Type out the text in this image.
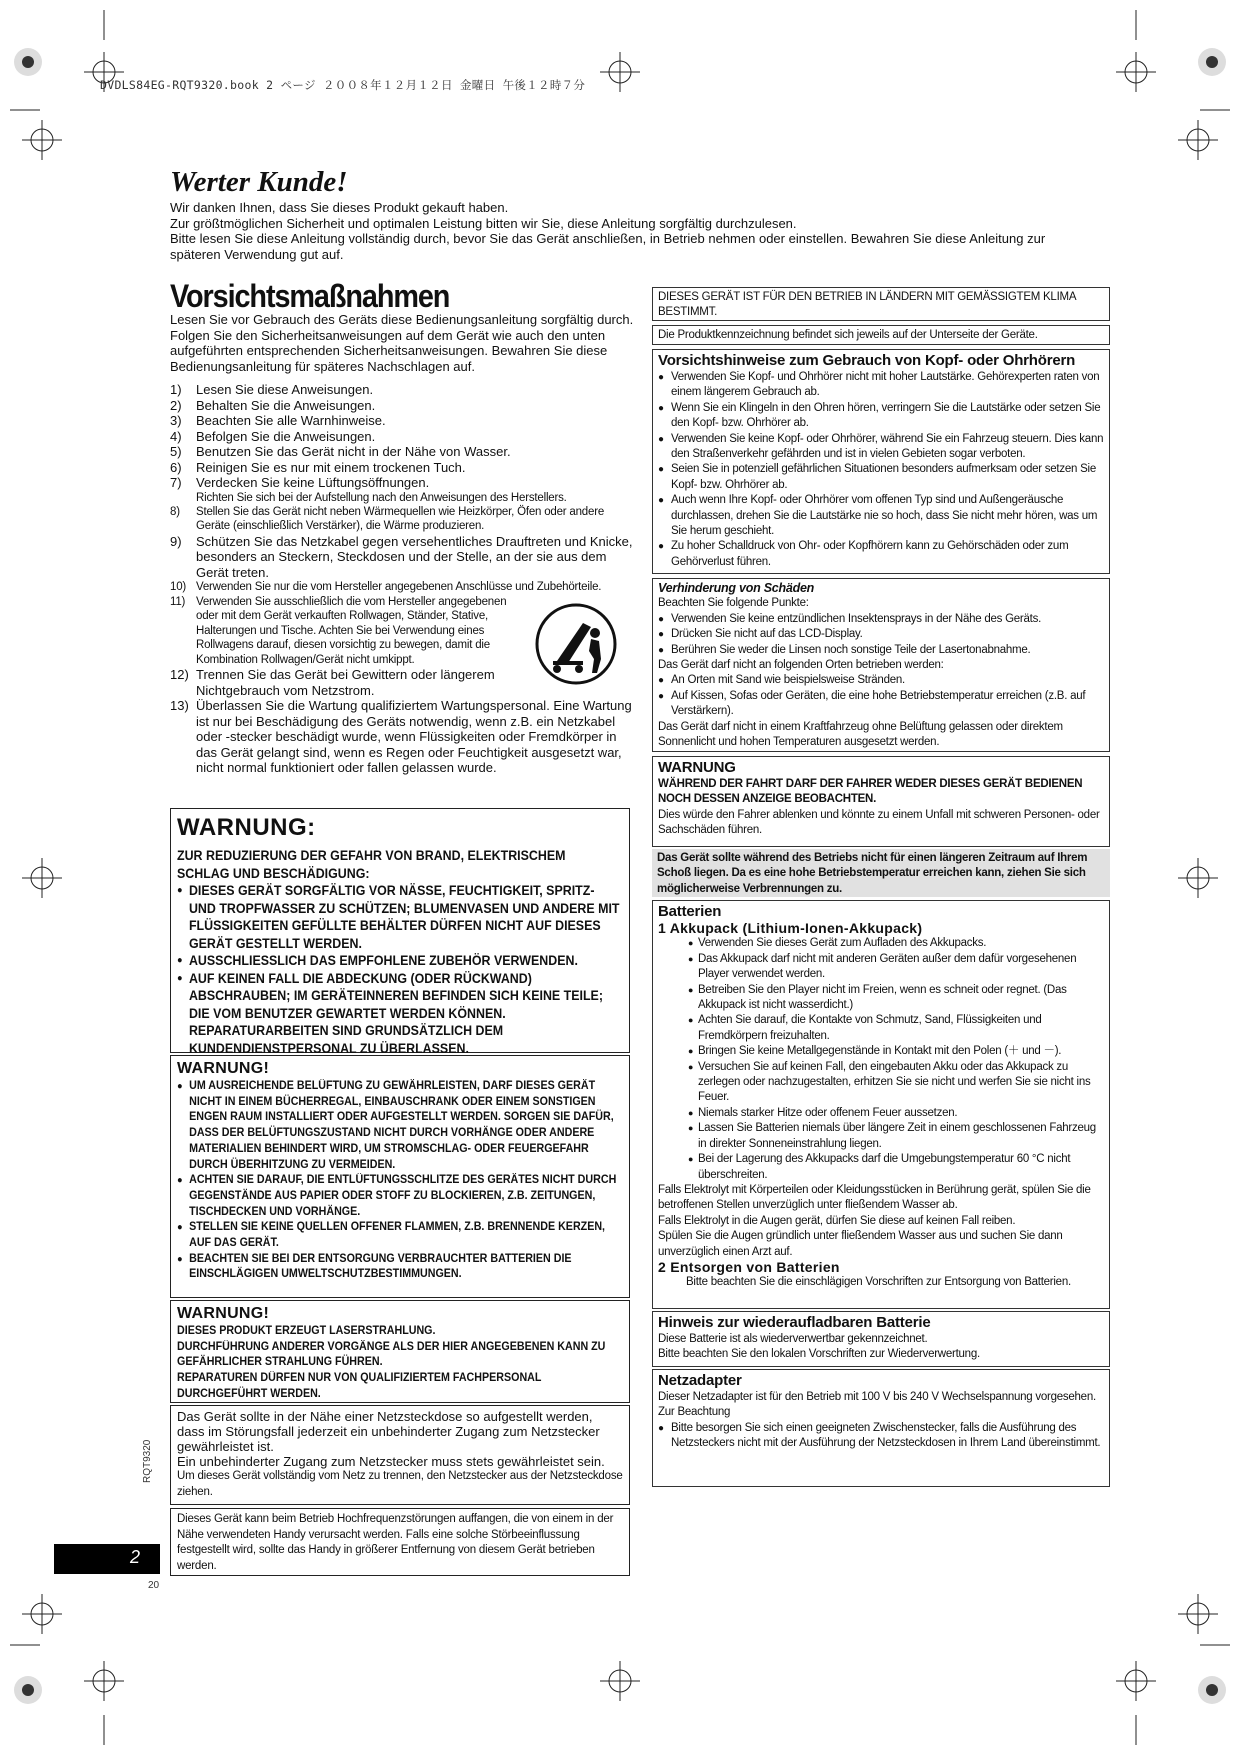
DVDLS84EG-RQT9320.book 2 ページ ２００８年１２月１２日 金曜日 午後１２時７分
Werter Kunde!
Wir danken Ihnen, dass Sie dieses Produkt gekauft haben.
Zur größtmöglichen Sicherheit und optimalen Leistung bitten wir Sie, diese Anleitung sorgfältig durchzulesen.
Bitte lesen Sie diese Anleitung vollständig durch, bevor Sie das Gerät anschließen, in Betrieb nehmen oder einstellen. Bewahren Sie diese Anleitung zur späteren Verwendung gut auf.
Vorsichtsmaßnahmen
Lesen Sie vor Gebrauch des Geräts diese Bedienungsanleitung sorgfältig durch. Folgen Sie den Sicherheitsanweisungen auf dem Gerät wie auch den unten aufgeführten entsprechenden Sicherheitsanweisungen. Bewahren Sie diese Bedienungsanleitung für späteres Nachschlagen auf.
1) Lesen Sie diese Anweisungen.
2) Behalten Sie die Anweisungen.
3) Beachten Sie alle Warnhinweise.
4) Befolgen Sie die Anweisungen.
5) Benutzen Sie das Gerät nicht in der Nähe von Wasser.
6) Reinigen Sie es nur mit einem trockenen Tuch.
7) Verdecken Sie keine Lüftungsöffnungen.
Richten Sie sich bei der Aufstellung nach den Anweisungen des Herstellers.
8) Stellen Sie das Gerät nicht neben Wärmequellen wie Heizkörper, Öfen oder andere Geräte (einschließlich Verstärker), die Wärme produzieren.
9) Schützen Sie das Netzkabel gegen versehentliches Drauftreten und Knicke, besonders an Steckern, Steckdosen und der Stelle, an der sie aus dem Gerät treten.
10) Verwenden Sie nur die vom Hersteller angegebenen Anschlüsse und Zubehörteile.
11) Verwenden Sie ausschließlich die vom Hersteller angegebenen oder mit dem Gerät verkauften Rollwagen, Ständer, Stative, Halterungen und Tische. Achten Sie bei Verwendung eines Rollwagens darauf, diesen vorsichtig zu bewegen, damit die Kombination Rollwagen/Gerät nicht umkippt.
12) Trennen Sie das Gerät bei Gewittern oder längerem Nichtgebrauch vom Netzstrom.
13) Überlassen Sie die Wartung qualifiziertem Wartungspersonal. Eine Wartung ist nur bei Beschädigung des Geräts notwendig, wenn z.B. ein Netzkabel oder -stecker beschädigt wurde, wenn Flüssigkeiten oder Fremdkörper in das Gerät gelangt sind, wenn es Regen oder Feuchtigkeit ausgesetzt war, nicht normal funktioniert oder fallen gelassen wurde.
WARNUNG:
ZUR REDUZIERUNG DER GEFAHR VON BRAND, ELEKTRISCHEM SCHLAG UND BESCHÄDIGUNG:
● DIESES GERÄT SORGFÄLTIG VOR NÄSSE, FEUCHTIGKEIT, SPRITZ- UND TROPFWASSER ZU SCHÜTZEN; BLUMENVASEN UND ANDERE MIT FLÜSSIGKEITEN GEFÜLLTE BEHÄLTER DÜRFEN NICHT AUF DIESES GERÄT GESTELLT WERDEN.
● AUSSCHLIESSLICH DAS EMPFOHLENE ZUBEHÖR VERWENDEN.
● AUF KEINEN FALL DIE ABDECKUNG (ODER RÜCKWAND) ABSCHRAUBEN; IM GERÄTEINNEREN BEFINDEN SICH KEINE TEILE; DIE VOM BENUTZER GEWARTET WERDEN KÖNNEN. REPARATURARBEITEN SIND GRUNDSÄTZLICH DEM KUNDENDIENSTPERSONAL ZU ÜBERLASSEN.
WARNUNG!
● UM AUSREICHENDE BELÜFTUNG ZU GEWÄHRLEISTEN, DARF DIESES GERÄT NICHT IN EINEM BÜCHERREGAL, EINBAUSCHRANK ODER EINEM SONSTIGEN ENGEN RAUM INSTALLIERT ODER AUFGESTELLT WERDEN. SORGEN SIE DAFÜR, DASS DER BELÜFTUNGSZUSTAND NICHT DURCH VORHÄNGE ODER ANDERE MATERIALIEN BEHINDERT WIRD, UM STROMSCHLAG- ODER FEUERGEFAHR DURCH ÜBERHITZUNG ZU VERMEIDEN.
● ACHTEN SIE DARAUF, DIE ENTLÜFTUNGSSCHLITZE DES GERÄTES NICHT DURCH GEGENSTÄNDE AUS PAPIER ODER STOFF ZU BLOCKIEREN, Z.B. ZEITUNGEN, TISCHDECKEN UND VORHÄNGE.
● STELLEN SIE KEINE QUELLEN OFFENER FLAMMEN, Z.B. BRENNENDE KERZEN, AUF DAS GERÄT.
● BEACHTEN SIE BEI DER ENTSORGUNG VERBRAUCHTER BATTERIEN DIE EINSCHLÄGIGEN UMWELTSCHUTZBESTIMMUNGEN.
WARNUNG!
DIESES PRODUKT ERZEUGT LASERSTRAHLUNG.
DURCHFÜHRUNG ANDERER VORGÄNGE ALS DER HIER ANGEGEBENEN KANN ZU GEFÄHRLICHER STRAHLUNG FÜHREN.
REPARATUREN DÜRFEN NUR VON QUALIFIZIERTEM FACHPERSONAL DURCHGEFÜHRT WERDEN.
Das Gerät sollte in der Nähe einer Netzsteckdose so aufgestellt werden, dass im Störungsfall jederzeit ein unbehinderter Zugang zum Netzstecker gewährleistet ist.
Ein unbehinderter Zugang zum Netzstecker muss stets gewährleistet sein.
Um dieses Gerät vollständig vom Netz zu trennen, den Netzstecker aus der Netzsteckdose ziehen.
Dieses Gerät kann beim Betrieb Hochfrequenzstörungen auffangen, die von einem in der Nähe verwendeten Handy verursacht werden. Falls eine solche Störbeeinflussung festgestellt wird, sollte das Handy in größerer Entfernung von diesem Gerät betrieben werden.
DIESES GERÄT IST FÜR DEN BETRIEB IN LÄNDERN MIT GEMÄSSIGTEM KLIMA BESTIMMT.
Die Produktkennzeichnung befindet sich jeweils auf der Unterseite der Geräte.
Vorsichtshinweise zum Gebrauch von Kopf- oder Ohrhörern
● Verwenden Sie Kopf- und Ohrhörer nicht mit hoher Lautstärke. Gehörexperten raten von einem längerem Gebrauch ab.
● Wenn Sie ein Klingeln in den Ohren hören, verringern Sie die Lautstärke oder setzen Sie den Kopf- bzw. Ohrhörer ab.
● Verwenden Sie keine Kopf- oder Ohrhörer, während Sie ein Fahrzeug steuern. Dies kann den Straßenverkehr gefährden und ist in vielen Gebieten sogar verboten.
● Seien Sie in potenziell gefährlichen Situationen besonders aufmerksam oder setzen Sie Kopf- bzw. Ohrhörer ab.
● Auch wenn Ihre Kopf- oder Ohrhörer vom offenen Typ sind und Außengeräusche durchlassen, drehen Sie die Lautstärke nie so hoch, dass Sie nicht mehr hören, was um Sie herum geschieht.
● Zu hoher Schalldruck von Ohr- oder Kopfhörern kann zu Gehörschäden oder zum Gehörverlust führen.
Verhinderung von Schäden
Beachten Sie folgende Punkte:
● Verwenden Sie keine entzündlichen Insektensprays in der Nähe des Geräts.
● Drücken Sie nicht auf das LCD-Display.
● Berühren Sie weder die Linsen noch sonstige Teile der Lasertonabnahme.
Das Gerät darf nicht an folgenden Orten betrieben werden:
● An Orten mit Sand wie beispielsweise Stränden.
● Auf Kissen, Sofas oder Geräten, die eine hohe Betriebstemperatur erreichen (z.B. auf Verstärkern).
Das Gerät darf nicht in einem Kraftfahrzeug ohne Belüftung gelassen oder direktem Sonnenlicht und hohen Temperaturen ausgesetzt werden.
WARNUNG
WÄHREND DER FAHRT DARF DER FAHRER WEDER DIESES GERÄT BEDIENEN NOCH DESSEN ANZEIGE BEOBACHTEN.
Dies würde den Fahrer ablenken und könnte zu einem Unfall mit schweren Personen- oder Sachschäden führen.
Das Gerät sollte während des Betriebs nicht für einen längeren Zeitraum auf Ihrem Schoß liegen. Da es eine hohe Betriebstemperatur erreichen kann, ziehen Sie sich möglicherweise Verbrennungen zu.
Batterien
1 Akkupack (Lithium-Ionen-Akkupack)
● Verwenden Sie dieses Gerät zum Aufladen des Akkupacks.
● Das Akkupack darf nicht mit anderen Geräten außer dem dafür vorgesehenen Player verwendet werden.
● Betreiben Sie den Player nicht im Freien, wenn es schneit oder regnet. (Das Akkupack ist nicht wasserdicht.)
● Achten Sie darauf, die Kontakte von Schmutz, Sand, Flüssigkeiten und Fremdkörpern freizuhalten.
● Bringen Sie keine Metallgegenstände in Kontakt mit den Polen (＋ und －).
● Versuchen Sie auf keinen Fall, den eingebauten Akku oder das Akkupack zu zerlegen oder nachzugestalten, erhitzen Sie sie nicht und werfen Sie sie nicht ins Feuer.
● Niemals starker Hitze oder offenem Feuer aussetzen.
● Lassen Sie Batterien niemals über längere Zeit in einem geschlossenen Fahrzeug in direkter Sonneneinstrahlung liegen.
● Bei der Lagerung des Akkupacks darf die Umgebungstemperatur 60 °C nicht überschreiten.
Falls Elektrolyt mit Körperteilen oder Kleidungsstücken in Berührung gerät, spülen Sie die betroffenen Stellen unverzüglich unter fließendem Wasser ab.
Falls Elektrolyt in die Augen gerät, dürfen Sie diese auf keinen Fall reiben.
Spülen Sie die Augen gründlich unter fließendem Wasser aus und suchen Sie dann unverzüglich einen Arzt auf.
2 Entsorgen von Batterien
Bitte beachten Sie die einschlägigen Vorschriften zur Entsorgung von Batterien.
Hinweis zur wiederaufladbaren Batterie
Diese Batterie ist als wiederverwertbar gekennzeichnet.
Bitte beachten Sie den lokalen Vorschriften zur Wiederverwertung.
Netzadapter
Dieser Netzadapter ist für den Betrieb mit 100 V bis 240 V Wechselspannung vorgesehen.
Zur Beachtung
● Bitte besorgen Sie sich einen geeigneten Zwischenstecker, falls die Ausführung des Netzsteckers nicht mit der Ausführung der Netzsteckdosen in Ihrem Land übereinstimmt.
2
RQT9320
20
